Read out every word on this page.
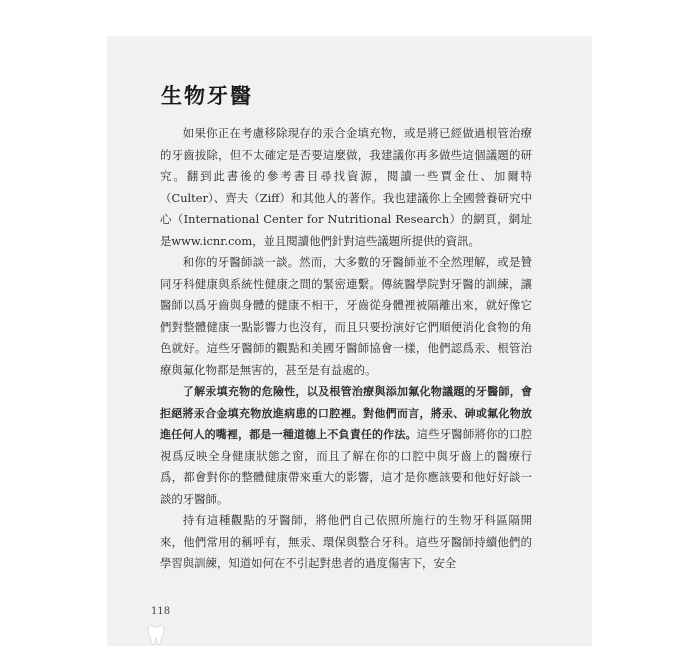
生物牙醫

如果你正在考慮移除現存的汞合金填充物，或是將已經做過根管治療的牙齒拔除，但不太確定是否要這麼做，我建議你再多做些這個議題的研究。翻到此書後的參考書目尋找資源，閱讀一些賈金仕、加爾特（Culter）、齊夫（Ziff）和其他人的著作。我也建議你上全國營養研究中心（International Center for Nutritional Research）的網頁，網址是www.icnr.com，並且閱讀他們針對這些議題所提供的資訊。

和你的牙醫師談一談。然而，大多數的牙醫師並不全然理解，或是贊同牙科健康與系統性健康之間的緊密連繫。傳統醫學院對牙醫的訓練，讓醫師以爲牙齒與身體的健康不相干，牙齒從身體裡被隔離出來，就好像它們對整體健康一點影響力也沒有，而且只要扮演好它們順便消化食物的角色就好。這些牙醫師的觀點和美國牙醫師協會一樣，他們認爲汞、根管治療與氟化物都是無害的，甚至是有益處的。

了解汞填充物的危險性，以及根管治療與添加氟化物議題的牙醫師，會拒絕將汞合金填充物放進病患的口腔裡。對他們而言，將汞、砷或氟化物放進任何人的嘴裡，都是一種道德上不負責任的作法。這些牙醫師將你的口腔視爲反映全身健康狀態之窗，而且了解在你的口腔中與牙齒上的醫療行爲，都會對你的整體健康帶來重大的影響，這才是你應該要和他好好談一談的牙醫師。

持有這種觀點的牙醫師，將他們自己依照所施行的生物牙科區隔開來，他們常用的稱呼有，無汞、環保與整合牙科。這些牙醫師持續他們的學習與訓練，知道如何在不引起對患者的過度傷害下，安全

118
